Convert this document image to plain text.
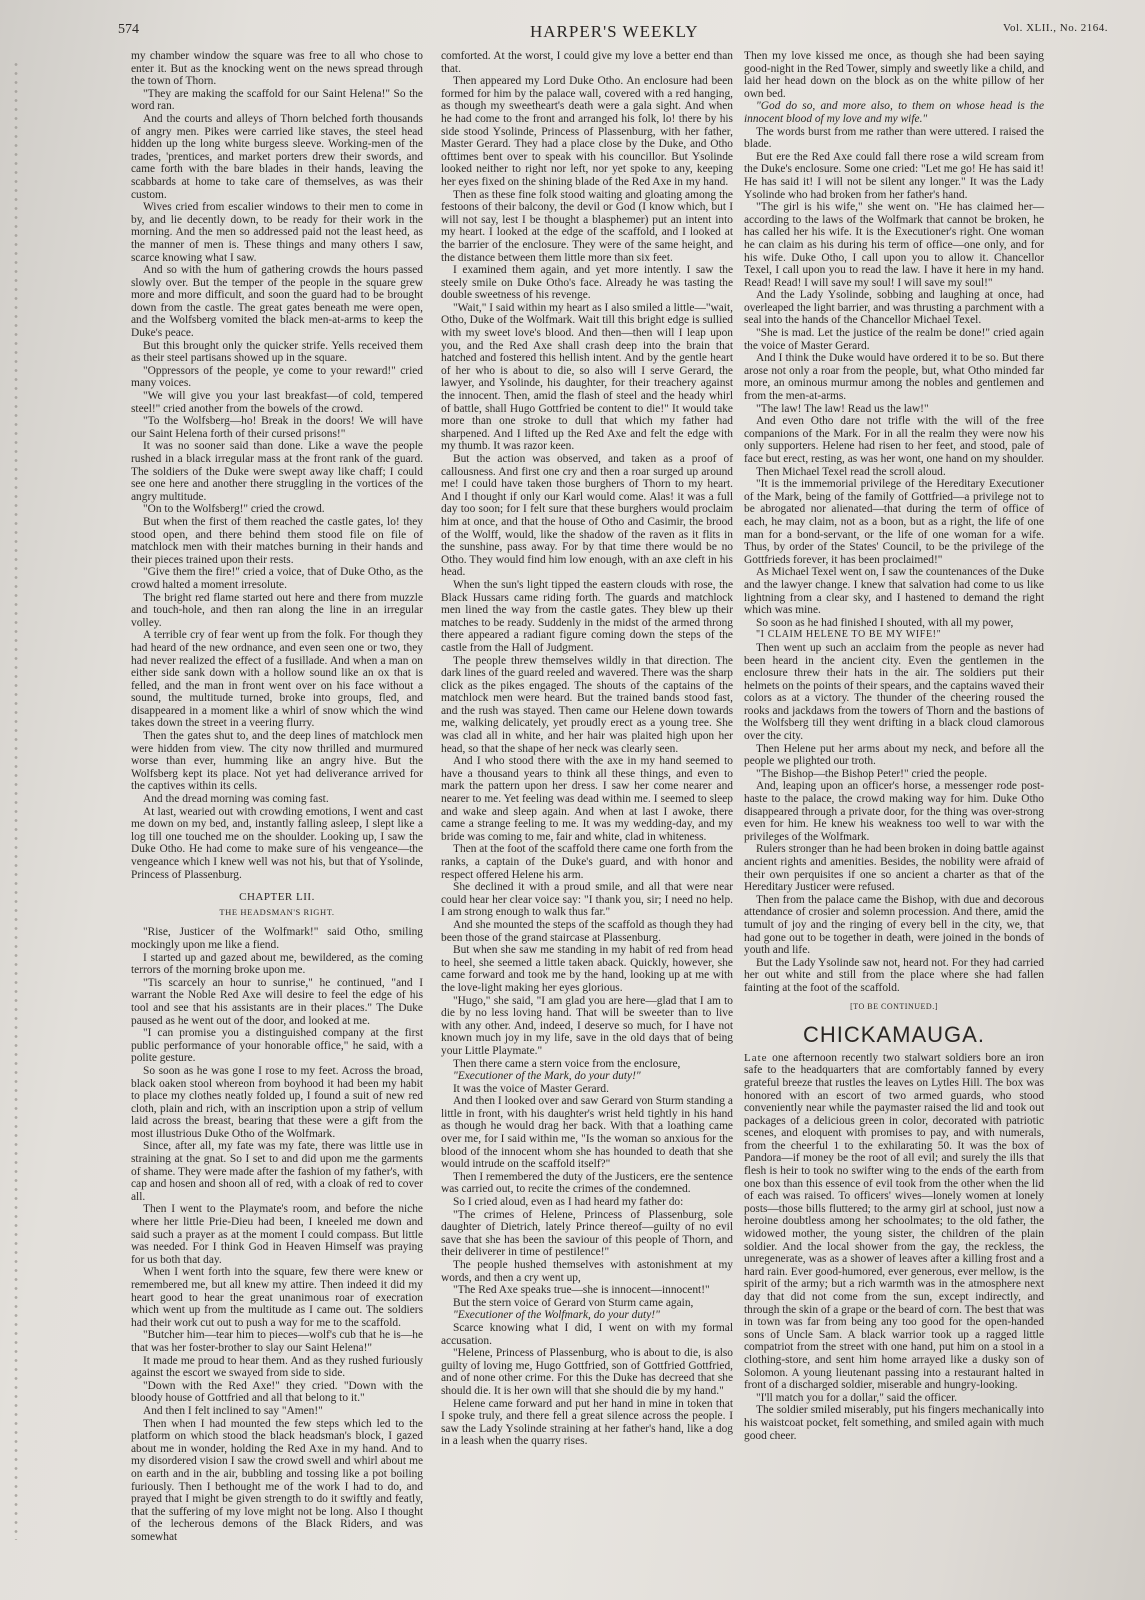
574	HARPER'S WEEKLY	Vol. XLII., No. 2164.

my chamber window the square was free to all who chose to enter it. But as the knocking went on the news spread through the town of Thorn.

"They are making the scaffold for our Saint Helena!" So the word ran.

And the courts and alleys of Thorn belched forth thousands of angry men. Pikes were carried like staves, the steel head hidden up the long white burgess sleeve. Working-men of the trades, 'prentices, and market porters drew their swords, and came forth with the bare blades in their hands, leaving the scabbards at home to take care of themselves, as was their custom.

Wives cried from escalier windows to their men to come in by, and lie decently down, to be ready for their work in the morning. And the men so addressed paid not the least heed, as the manner of men is. These things and many others I saw, scarce knowing what I saw.

And so with the hum of gathering crowds the hours passed slowly over. But the temper of the people in the square grew more and more difficult, and soon the guard had to be brought down from the castle. The great gates beneath me were open, and the Wolfsberg vomited the black men-at-arms to keep the Duke's peace.

But this brought only the quicker strife. Yells received them as their steel partisans showed up in the square.

"Oppressors of the people, ye come to your reward!" cried many voices.

"We will give you your last breakfast—of cold, tempered steel!" cried another from the bowels of the crowd.

"To the Wolfsberg—ho! Break in the doors! We will have our Saint Helena forth of their cursed prisons!"

It was no sooner said than done. Like a wave the people rushed in a black irregular mass at the front rank of the guard. The soldiers of the Duke were swept away like chaff; I could see one here and another there struggling in the vortices of the angry multitude.

"On to the Wolfsberg!" cried the crowd.

But when the first of them reached the castle gates, lo! they stood open, and there behind them stood file on file of matchlock men with their matches burning in their hands and their pieces trained upon their rests.

"Give them the fire!" cried a voice, that of Duke Otho, as the crowd halted a moment irresolute.

The bright red flame started out here and there from muzzle and touch-hole, and then ran along the line in an irregular volley.

A terrible cry of fear went up from the folk. For though they had heard of the new ordnance, and even seen one or two, they had never realized the effect of a fusillade. And when a man on either side sank down with a hollow sound like an ox that is felled, and the man in front went over on his face without a sound, the multitude turned, broke into groups, fled, and disappeared in a moment like a whirl of snow which the wind takes down the street in a veering flurry.

Then the gates shut to, and the deep lines of matchlock men were hidden from view. The city now thrilled and murmured worse than ever, humming like an angry hive. But the Wolfsberg kept its place. Not yet had deliverance arrived for the captives within its cells.

And the dread morning was coming fast.

At last, wearied out with crowding emotions, I went and cast me down on my bed, and, instantly falling asleep, I slept like a log till one touched me on the shoulder. Looking up, I saw the Duke Otho. He had come to make sure of his vengeance—the vengeance which I knew well was not his, but that of Ysolinde, Princess of Plassenburg.

CHAPTER LII.
THE HEADSMAN'S RIGHT.

"Rise, Justicer of the Wolfmark!" said Otho, smiling mockingly upon me like a fiend.

I started up and gazed about me, bewildered, as the coming terrors of the morning broke upon me.

"Tis scarcely an hour to sunrise," he continued, "and I warrant the Noble Red Axe will desire to feel the edge of his tool and see that his assistants are in their places." The Duke paused as he went out of the door, and looked at me.

"I can promise you a distinguished company at the first public performance of your honorable office," he said, with a polite gesture.

So soon as he was gone I rose to my feet. Across the broad, black oaken stool whereon from boyhood it had been my habit to place my clothes neatly folded up, I found a suit of new red cloth, plain and rich, with an inscription upon a strip of vellum laid across the breast, bearing that these were a gift from the most illustrious Duke Otho of the Wolfmark.

Since, after all, my fate was my fate, there was little use in straining at the gnat. So I set to and did upon me the garments of shame. They were made after the fashion of my father's, with cap and hosen and shoon all of red, with a cloak of red to cover all.

Then I went to the Playmate's room, and before the niche where her little Prie-Dieu had been, I kneeled me down and said such a prayer as at the moment I could compass. But little was needed. For I think God in Heaven Himself was praying for us both that day.

When I went forth into the square, few there were knew or remembered me, but all knew my attire. Then indeed it did my heart good to hear the great unanimous roar of execration which went up from the multitude as I came out. The soldiers had their work cut out to push a way for me to the scaffold.

"Butcher him—tear him to pieces—wolf's cub that he is—he that was her foster-brother to slay our Saint Helena!"

It made me proud to hear them. And as they rushed furiously against the escort we swayed from side to side.

"Down with the Red Axe!" they cried. "Down with the bloody house of Gottfried and all that belong to it."

And then I felt inclined to say "Amen!"

Then when I had mounted the few steps which led to the platform on which stood the black headsman's block, I gazed about me in wonder, holding the Red Axe in my hand. And to my disordered vision I saw the crowd swell and whirl about me on earth and in the air, bubbling and tossing like a pot boiling furiously. Then I bethought me of the work I had to do, and prayed that I might be given strength to do it swiftly and featly, that the suffering of my love might not be long. Also I thought of the lecherous demons of the Black Riders, and was somewhat

comforted. At the worst, I could give my love a better end than that.

Then appeared my Lord Duke Otho. An enclosure had been formed for him by the palace wall, covered with a red hanging, as though my sweetheart's death were a gala sight. And when he had come to the front and arranged his folk, lo! there by his side stood Ysolinde, Princess of Plassenburg, with her father, Master Gerard. They had a place close by the Duke, and Otho ofttimes bent over to speak with his councillor. But Ysolinde looked neither to right nor left, nor yet spoke to any, keeping her eyes fixed on the shining blade of the Red Axe in my hand.

Then as these fine folk stood waiting and gloating among the festoons of their balcony, the devil or God (I know which, but I will not say, lest I be thought a blasphemer) put an intent into my heart. I looked at the edge of the scaffold, and I looked at the barrier of the enclosure. They were of the same height, and the distance between them little more than six feet.

I examined them again, and yet more intently. I saw the steely smile on Duke Otho's face. Already he was tasting the double sweetness of his revenge.

"Wait," I said within my heart as I also smiled a little—"wait, Otho, Duke of the Wolfmark. Wait till this bright edge is sullied with my sweet love's blood. And then—then will I leap upon you, and the Red Axe shall crash deep into the brain that hatched and fostered this hellish intent. And by the gentle heart of her who is about to die, so also will I serve Gerard, the lawyer, and Ysolinde, his daughter, for their treachery against the innocent. Then, amid the flash of steel and the heady whirl of battle, shall Hugo Gottfried be content to die!" It would take more than one stroke to dull that which my father had sharpened. And I lifted up the Red Axe and felt the edge with my thumb. It was razor keen.

But the action was observed, and taken as a proof of callousness. And first one cry and then a roar surged up around me! I could have taken those burghers of Thorn to my heart. And I thought if only our Karl would come. Alas! it was a full day too soon; for I felt sure that these burghers would proclaim him at once, and that the house of Otho and Casimir, the brood of the Wolff, would, like the shadow of the raven as it flits in the sunshine, pass away. For by that time there would be no Otho. They would find him low enough, with an axe cleft in his head.

When the sun's light tipped the eastern clouds with rose, the Black Hussars came riding forth. The guards and matchlock men lined the way from the castle gates. They blew up their matches to be ready. Suddenly in the midst of the armed throng there appeared a radiant figure coming down the steps of the castle from the Hall of Judgment.

The people threw themselves wildly in that direction. The dark lines of the guard reeled and wavered. There was the sharp click as the pikes engaged. The shouts of the captains of the matchlock men were heard. But the trained bands stood fast, and the rush was stayed. Then came our Helene down towards me, walking delicately, yet proudly erect as a young tree. She was clad all in white, and her hair was plaited high upon her head, so that the shape of her neck was clearly seen.

And I who stood there with the axe in my hand seemed to have a thousand years to think all these things, and even to mark the pattern upon her dress. I saw her come nearer and nearer to me. Yet feeling was dead within me. I seemed to sleep and wake and sleep again. And when at last I awoke, there came a strange feeling to me. It was my wedding-day, and my bride was coming to me, fair and white, clad in whiteness.

Then at the foot of the scaffold there came one forth from the ranks, a captain of the Duke's guard, and with honor and respect offered Helene his arm.

She declined it with a proud smile, and all that were near could hear her clear voice say: "I thank you, sir; I need no help. I am strong enough to walk thus far."

And she mounted the steps of the scaffold as though they had been those of the grand staircase at Plassenburg.

But when she saw me standing in my habit of red from head to heel, she seemed a little taken aback. Quickly, however, she came forward and took me by the hand, looking up at me with the love-light making her eyes glorious.

"Hugo," she said, "I am glad you are here—glad that I am to die by no less loving hand. That will be sweeter than to live with any other. And, indeed, I deserve so much, for I have not known much joy in my life, save in the old days that of being your Little Playmate."

Then there came a stern voice from the enclosure,

"Executioner of the Mark, do your duty!"

It was the voice of Master Gerard.

And then I looked over and saw Gerard von Sturm standing a little in front, with his daughter's wrist held tightly in his hand as though he would drag her back. With that a loathing came over me, for I said within me, "Is the woman so anxious for the blood of the innocent whom she has hounded to death that she would intrude on the scaffold itself?"

Then I remembered the duty of the Justicers, ere the sentence was carried out, to recite the crimes of the condemned.

So I cried aloud, even as I had heard my father do:

"The crimes of Helene, Princess of Plassenburg, sole daughter of Dietrich, lately Prince thereof—guilty of no evil save that she has been the saviour of this people of Thorn, and their deliverer in time of pestilence!"

The people hushed themselves with astonishment at my words, and then a cry went up,

"The Red Axe speaks true—she is innocent—innocent!"

But the stern voice of Gerard von Sturm came again,

"Executioner of the Wolfmark, do your duty!"

Scarce knowing what I did, I went on with my formal accusation.

"Helene, Princess of Plassenburg, who is about to die, is also guilty of loving me, Hugo Gottfried, son of Gottfried Gottfried, and of none other crime. For this the Duke has decreed that she should die. It is her own will that she should die by my hand."

Helene came forward and put her hand in mine in token that I spoke truly, and there fell a great silence across the people. I saw the Lady Ysolinde straining at her father's hand, like a dog in a leash when the quarry rises.

Then my love kissed me once, as though she had been saying good-night in the Red Tower, simply and sweetly like a child, and laid her head down on the block as on the white pillow of her own bed.

"God do so, and more also, to them on whose head is the innocent blood of my love and my wife."

The words burst from me rather than were uttered. I raised the blade.

But ere the Red Axe could fall there rose a wild scream from the Duke's enclosure. Some one cried: "Let me go! He has said it! He has said it! I will not be silent any longer." It was the Lady Ysolinde who had broken from her father's hand.

"The girl is his wife," she went on. "He has claimed her—according to the laws of the Wolfmark that cannot be broken, he has called her his wife. It is the Executioner's right. One woman he can claim as his during his term of office—one only, and for his wife. Duke Otho, I call upon you to allow it. Chancellor Texel, I call upon you to read the law. I have it here in my hand. Read! Read! I will save my soul! I will save my soul!"

And the Lady Ysolinde, sobbing and laughing at once, had overleaped the light barrier, and was thrusting a parchment with a seal into the hands of the Chancellor Michael Texel.

"She is mad. Let the justice of the realm be done!" cried again the voice of Master Gerard.

And I think the Duke would have ordered it to be so. But there arose not only a roar from the people, but, what Otho minded far more, an ominous murmur among the nobles and gentlemen and from the men-at-arms.

"The law! The law! Read us the law!"

And even Otho dare not trifle with the will of the free companions of the Mark. For in all the realm they were now his only supporters. Helene had risen to her feet, and stood, pale of face but erect, resting, as was her wont, one hand on my shoulder.

Then Michael Texel read the scroll aloud.

"It is the immemorial privilege of the Hereditary Executioner of the Mark, being of the family of Gottfried—a privilege not to be abrogated nor alienated—that during the term of office of each, he may claim, not as a boon, but as a right, the life of one man for a bond-servant, or the life of one woman for a wife. Thus, by order of the States' Council, to be the privilege of the Gottfrieds forever, it has been proclaimed!"

As Michael Texel went on, I saw the countenances of the Duke and the lawyer change. I knew that salvation had come to us like lightning from a clear sky, and I hastened to demand the right which was mine.

So soon as he had finished I shouted, with all my power,

"I CLAIM HELENE TO BE MY WIFE!"

Then went up such an acclaim from the people as never had been heard in the ancient city. Even the gentlemen in the enclosure threw their hats in the air. The soldiers put their helmets on the points of their spears, and the captains waved their colors as at a victory. The thunder of the cheering roused the rooks and jackdaws from the towers of Thorn and the bastions of the Wolfsberg till they went drifting in a black cloud clamorous over the city.

Then Helene put her arms about my neck, and before all the people we plighted our troth.

"The Bishop—the Bishop Peter!" cried the people.

And, leaping upon an officer's horse, a messenger rode post-haste to the palace, the crowd making way for him. Duke Otho disappeared through a private door, for the thing was over-strong even for him. He knew his weakness too well to war with the privileges of the Wolfmark.

Rulers stronger than he had been broken in doing battle against ancient rights and amenities. Besides, the nobility were afraid of their own perquisites if one so ancient a charter as that of the Hereditary Justicer were refused.

Then from the palace came the Bishop, with due and decorous attendance of crosier and solemn procession. And there, amid the tumult of joy and the ringing of every bell in the city, we, that had gone out to be together in death, were joined in the bonds of youth and life.

But the Lady Ysolinde saw not, heard not. For they had carried her out white and still from the place where she had fallen fainting at the foot of the scaffold.

[TO BE CONTINUED.]
CHICKAMAUGA.

Late one afternoon recently two stalwart soldiers bore an iron safe to the headquarters that are comfortably fanned by every grateful breeze that rustles the leaves on Lytles Hill. The box was honored with an escort of two armed guards, who stood conveniently near while the paymaster raised the lid and took out packages of a delicious green in color, decorated with patriotic scenes, and eloquent with promises to pay, and with numerals, from the cheerful 1 to the exhilarating 50. It was the box of Pandora—if money be the root of all evil; and surely the ills that flesh is heir to took no swifter wing to the ends of the earth from one box than this essence of evil took from the other when the lid of each was raised. To officers' wives—lonely women at lonely posts—those bills fluttered; to the army girl at school, just now a heroine doubtless among her schoolmates; to the old father, the widowed mother, the young sister, the children of the plain soldier. And the local shower from the gay, the reckless, the unregenerate, was as a shower of leaves after a killing frost and a hard rain. Ever good-humored, ever generous, ever mellow, is the spirit of the army; but a rich warmth was in the atmosphere next day that did not come from the sun, except indirectly, and through the skin of a grape or the beard of corn. The best that was in town was far from being any too good for the open-handed sons of Uncle Sam. A black warrior took up a ragged little compatriot from the street with one hand, put him on a stool in a clothing-store, and sent him home arrayed like a dusky son of Solomon. A young lieutenant passing into a restaurant halted in front of a discharged soldier, miserable and hungry-looking.

"I'll match you for a dollar," said the officer.

The soldier smiled miserably, put his fingers mechanically into his waistcoat pocket, felt something, and smiled again with much good cheer.
